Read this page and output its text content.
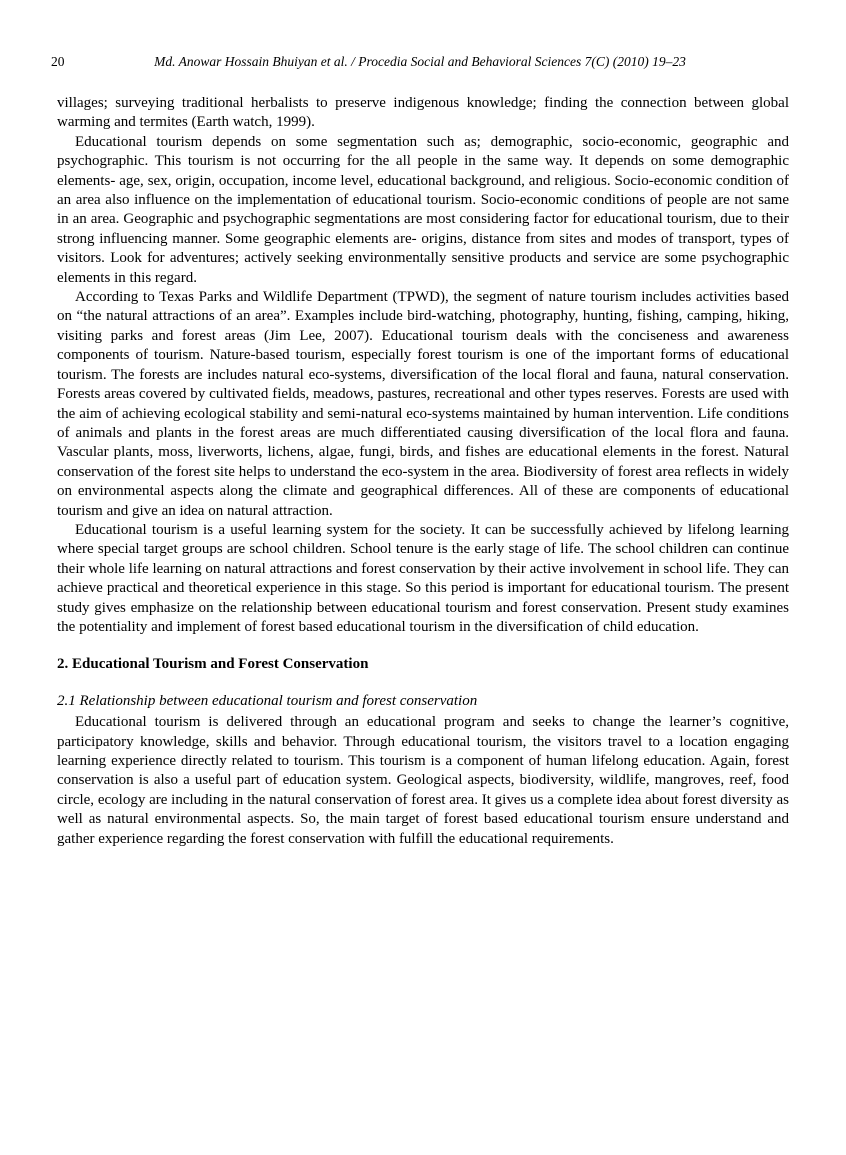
20	Md. Anowar Hossain Bhuiyan et al. / Procedia Social and Behavioral Sciences 7(C) (2010) 19–23

villages; surveying traditional herbalists to preserve indigenous knowledge; finding the connection between global warming and termites (Earth watch, 1999).

Educational tourism depends on some segmentation such as; demographic, socio-economic, geographic and psychographic. This tourism is not occurring for the all people in the same way. It depends on some demographic elements- age, sex, origin, occupation, income level, educational background, and religious. Socio-economic condition of an area also influence on the implementation of educational tourism. Socio-economic conditions of people are not same in an area. Geographic and psychographic segmentations are most considering factor for educational tourism, due to their strong influencing manner. Some geographic elements are- origins, distance from sites and modes of transport, types of visitors. Look for adventures; actively seeking environmentally sensitive products and service are some psychographic elements in this regard.

According to Texas Parks and Wildlife Department (TPWD), the segment of nature tourism includes activities based on “the natural attractions of an area”. Examples include bird-watching, photography, hunting, fishing, camping, hiking, visiting parks and forest areas (Jim Lee, 2007). Educational tourism deals with the conciseness and awareness components of tourism. Nature-based tourism, especially forest tourism is one of the important forms of educational tourism. The forests are includes natural eco-systems, diversification of the local floral and fauna, natural conservation. Forests areas covered by cultivated fields, meadows, pastures, recreational and other types reserves. Forests are used with the aim of achieving ecological stability and semi-natural eco-systems maintained by human intervention. Life conditions of animals and plants in the forest areas are much differentiated causing diversification of the local flora and fauna. Vascular plants, moss, liverworts, lichens, algae, fungi, birds, and fishes are educational elements in the forest. Natural conservation of the forest site helps to understand the eco-system in the area. Biodiversity of forest area reflects in widely on environmental aspects along the climate and geographical differences. All of these are components of educational tourism and give an idea on natural attraction.

Educational tourism is a useful learning system for the society. It can be successfully achieved by lifelong learning where special target groups are school children. School tenure is the early stage of life. The school children can continue their whole life learning on natural attractions and forest conservation by their active involvement in school life. They can achieve practical and theoretical experience in this stage. So this period is important for educational tourism. The present study gives emphasize on the relationship between educational tourism and forest conservation. Present study examines the potentiality and implement of forest based educational tourism in the diversification of child education.

2. Educational Tourism and Forest Conservation
2.1 Relationship between educational tourism and forest conservation

Educational tourism is delivered through an educational program and seeks to change the learner’s cognitive, participatory knowledge, skills and behavior. Through educational tourism, the visitors travel to a location engaging learning experience directly related to tourism. This tourism is a component of human lifelong education. Again, forest conservation is also a useful part of education system. Geological aspects, biodiversity, wildlife, mangroves, reef, food circle, ecology are including in the natural conservation of forest area. It gives us a complete idea about forest diversity as well as natural environmental aspects. So, the main target of forest based educational tourism ensure understand and gather experience regarding the forest conservation with fulfill the educational requirements.
